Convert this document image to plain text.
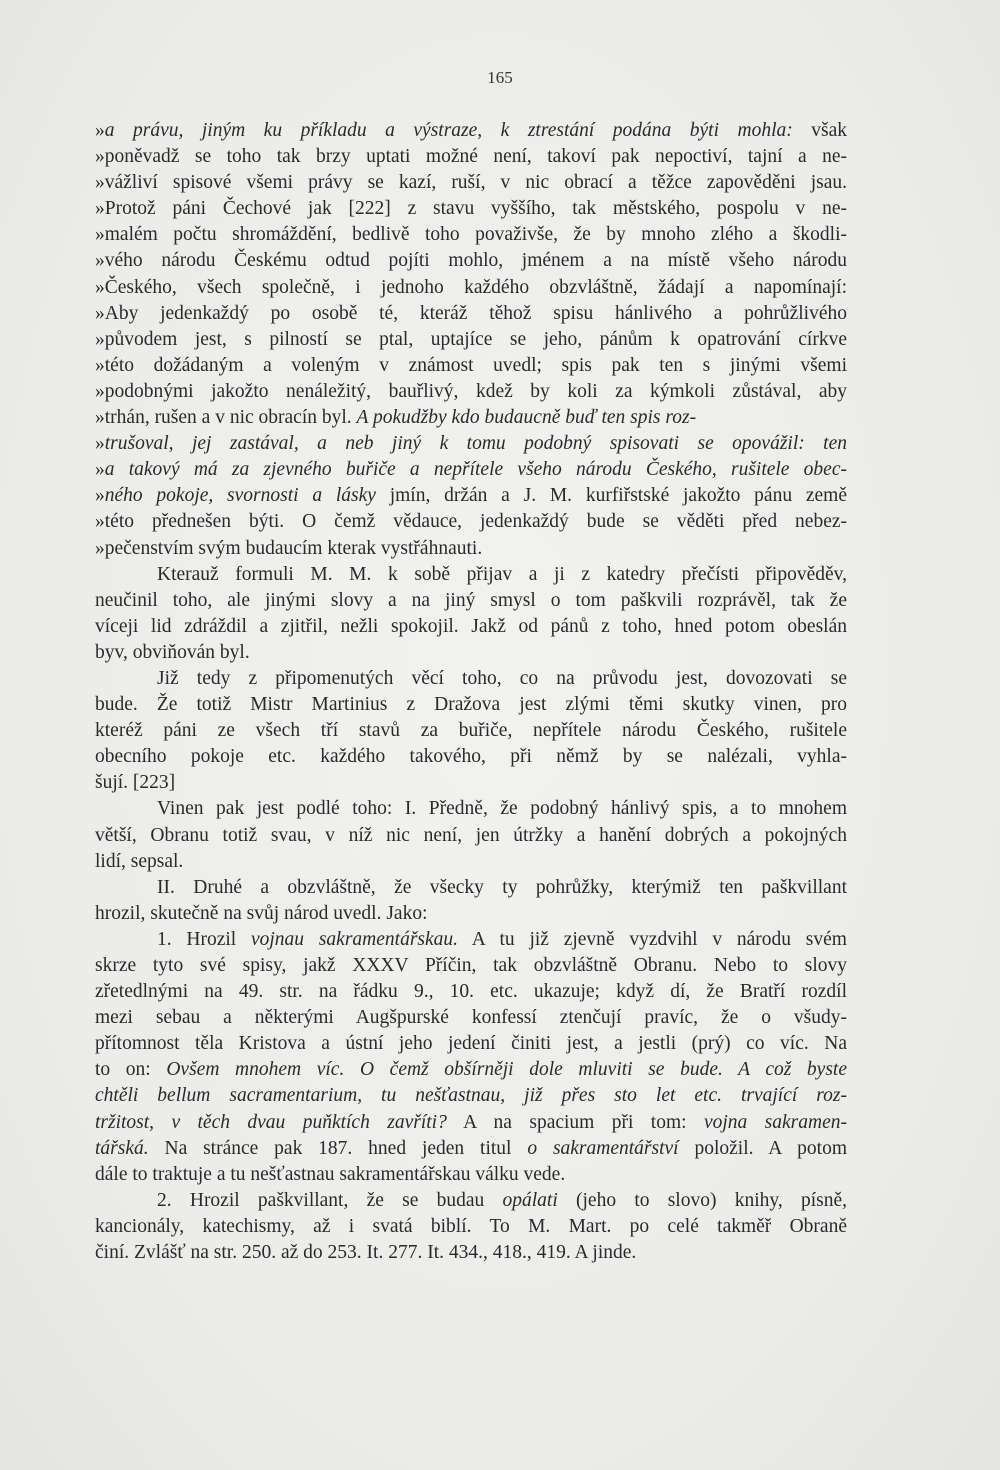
165
»a právu, jiným ku příkladu a výstraze, k ztrestání podána býti mohla: však
»poněvadž se toho tak brzy uptati možné není, takoví pak nepoctiví, tajní a ne-
»vážliví spisové všemi právy se kazí, ruší, v nic obrací a těžce zapověděni jsau.
»Protož páni Čechové jak [222] z stavu vyššího, tak městského, pospolu v ne-
»malém počtu shromáždění, bedlivě toho považivše, že by mnoho zlého a škodli-
»vého národu Českému odtud pojíti mohlo, jménem a na místě všeho národu
»Českého, všech společně, i jednoho každého obzvláštně, žádají a napomínají:
»Aby jedenkaždý po osobě té, kteráž těhož spisu hánlivého a pohrůžlivého
»původem jest, s pilností se ptal, uptajíce se jeho, pánům k opatrování církve
»této dožádaným a voleným v známost uvedl; spis pak ten s jinými všemi
»podobnými jakožto nenáležitý, bauřlivý, kdež by koli za kýmkoli zůstával, aby
»trhán, rušen a v nic obracín byl. A pokudžby kdo budaucně buď ten spis roz-
»trušoval, jej zastával, a neb jiný k tomu podobný spisovati se opovážil: ten
»a takový má za zjevného buřiče a nepřítele všeho národu Českého, rušitele obec-
»ného pokoje, svornosti a lásky jmín, držán a J. M. kurfiřstské jakožto pánu země
»této přednešen býti. O čemž vědauce, jedenkaždý bude se věděti před nebez-
»pečenstvím svým budaucím kterak vystřáhnauti.
Kterauž formuli M. M. k sobě přijav a ji z katedry přečísti připověděv,
neučinil toho, ale jinými slovy a na jiný smysl o tom paškvili rozprávěl, tak že
víceji lid zdráždil a zjitřil, nežli spokojil. Jakž od pánů z toho, hned potom obeslán
byv, obviňován byl.
Již tedy z připomenutých věcí toho, co na průvodu jest, dovozovati se
bude. Že totiž Mistr Martinius z Dražova jest zlými těmi skutky vinen, pro
kteréž páni ze všech tří stavů za buřiče, nepřítele národu Českého, rušitele
obecního pokoje etc. každého takového, při němž by se nalézali, vyhla-
šují. [223]
Vinen pak jest podlé toho: I. Předně, že podobný hánlivý spis, a to mnohem
větší, Obranu totiž svau, v níž nic není, jen útržky a hanění dobrých a pokojných
lidí, sepsal.
II. Druhé a obzvláštně, že všecky ty pohrůžky, kterýmiž ten paškvillant
hrozil, skutečně na svůj národ uvedl. Jako:
1. Hrozil vojnau sakramentářskau. A tu již zjevně vyzdvihl v národu svém
skrze tyto své spisy, jakž XXXV Příčin, tak obzvláštně Obranu. Nebo to slovy
zřetedlnými na 49. str. na řádku 9., 10. etc. ukazuje; když dí, že Bratří rozdíl
mezi sebau a některými Augšpurské konfessí ztenčují pravíc, že o všudy-
přítomnost těla Kristova a ústní jeho jedení činiti jest, a jestli (prý) co víc. Na
to on: Ovšem mnohem víc. O čemž obšírněji dole mluviti se bude. A což byste
chtěli bellum sacramentarium, tu nešťastnau, již přes sto let etc. trvající roz-
tržitost, v těch dvau puňktích zavříti? A na spacium při tom: vojna sakramen-
tářská. Na stránce pak 187. hned jeden titul o sakramentářství položil. A potom
dále to traktuje a tu nešťastnau sakramentářskau válku vede.
2. Hrozil paškvillant, že se budau opálati (jeho to slovo) knihy, písně,
kancionály, katechismy, až i svatá biblí. To M. Mart. po celé takměř Obraně
činí. Zvlášť na str. 250. až do 253. It. 277. It. 434., 418., 419. A jinde.
